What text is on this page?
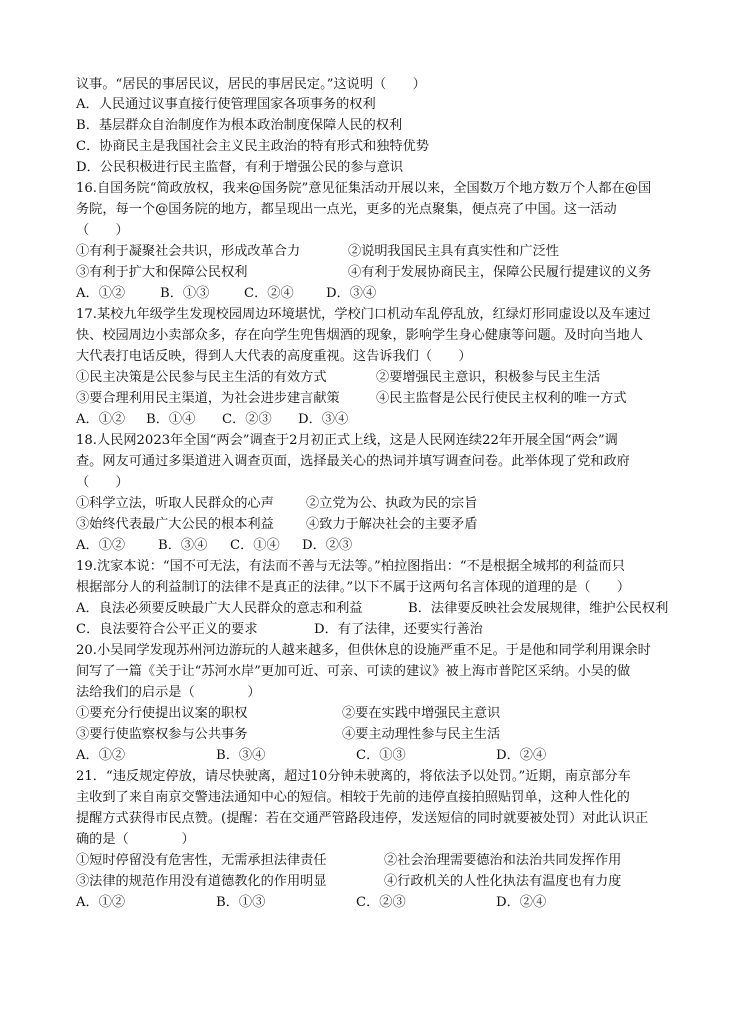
议事。“居民的事居民议，居民的事居民定。”这说明（　　）
A．人民通过议事直接行使管理国家各项事务的权利
B．基层群众自治制度作为根本政治制度保障人民的权利
C．协商民主是我国社会主义民主政治的特有形式和独特优势
D．公民积极进行民主监督，有利于增强公民的参与意识
16.自国务院“简政放权，我来@国务院”意见征集活动开展以来，全国数万个地方数万个人都在@国
务院，每一个@国务院的地方，都呈现出一点光，更多的光点聚集，便点亮了中国。这一活动
（　　）
①有利于凝聚社会共识，形成改革合力	②说明我国民主具有真实性和广泛性
③有利于扩大和保障公民权利	④有利于发展协商民主，保障公民履行提建议的义务
A．①②	B．①③	C．②④ D．③④
17.某校九年级学生发现校园周边环境堪忧，学校门口机动车乱停乱放，红绿灯形同虚设以及车速过
快、校园周边小卖部众多，存在向学生兜售烟酒的现象，影响学生身心健康等问题。及时向当地人
大代表打电话反映，得到人大代表的高度重视。这告诉我们（　　）
①民主决策是公民参与民主生活的有效方式	②要增强民主意识，积极参与民主生活
③要合理利用民主渠道，为社会进步建言献策	④民主监督是公民行使民主权利的唯一方式
A．①② B．①④ C．②③ D．③④
18.人民网2023年全国“两会”调查于2月初正式上线，这是人民网连续22年开展全国“两会”调
查。网友可通过多渠道进入调查页面，选择最关心的热词并填写调查问卷。此举体现了党和政府
（　　）
①科学立法，听取人民群众的心声 ②立党为公、执政为民的宗旨
③始终代表最广大公民的根本利益 ④致力于解决社会的主要矛盾
A．①② B．③④ C．①④ D．②③
19.沈家本说：“国不可无法，有法而不善与无法等。”柏拉图指出：“不是根据全城邦的利益而只
根据部分人的利益制订的法律不是真正的法律。”以下不属于这两句名言体现的道理的是（　　）
A．良法必须要反映最广大人民群众的意志和利益	B．法律要反映社会发展规律，维护公民权利
C．良法要符合公平正义的要求	D．有了法律，还要实行善治
20.小吴同学发现苏州河边游玩的人越来越多，但供休息的设施严重不足。于是他和同学利用课余时
间写了一篇《关于让“苏河水岸”更加可近、可亲、可读的建议》被上海市普陀区采纳。小吴的做
法给我们的启示是（　　　　）
①要充分行使提出议案的职权	②要在实践中增强民主意识
③要行使监察权参与公共事务	④要主动理性参与民主生活
A．①②	B．③④	C．①③	D．②④
21．“违反规定停放，请尽快驶离，超过10分钟未驶离的，将依法予以处罚。”近期，南京部分车
主收到了来自南京交警违法通知中心的短信。相较于先前的违停直接拍照贴罚单，这种人性化的
提醒方式获得市民点赞。(提醒：若在交通严管路段违停，发送短信的同时就要被处罚）对此认识正
确的是（　　　　）
①短时停留没有危害性，无需承担法律责任	②社会治理需要德治和法治共同发挥作用
③法律的规范作用没有道德教化的作用明显	④行政机关的人性化执法有温度也有力度
A．①②	B．①③	C．②③	D．②④
